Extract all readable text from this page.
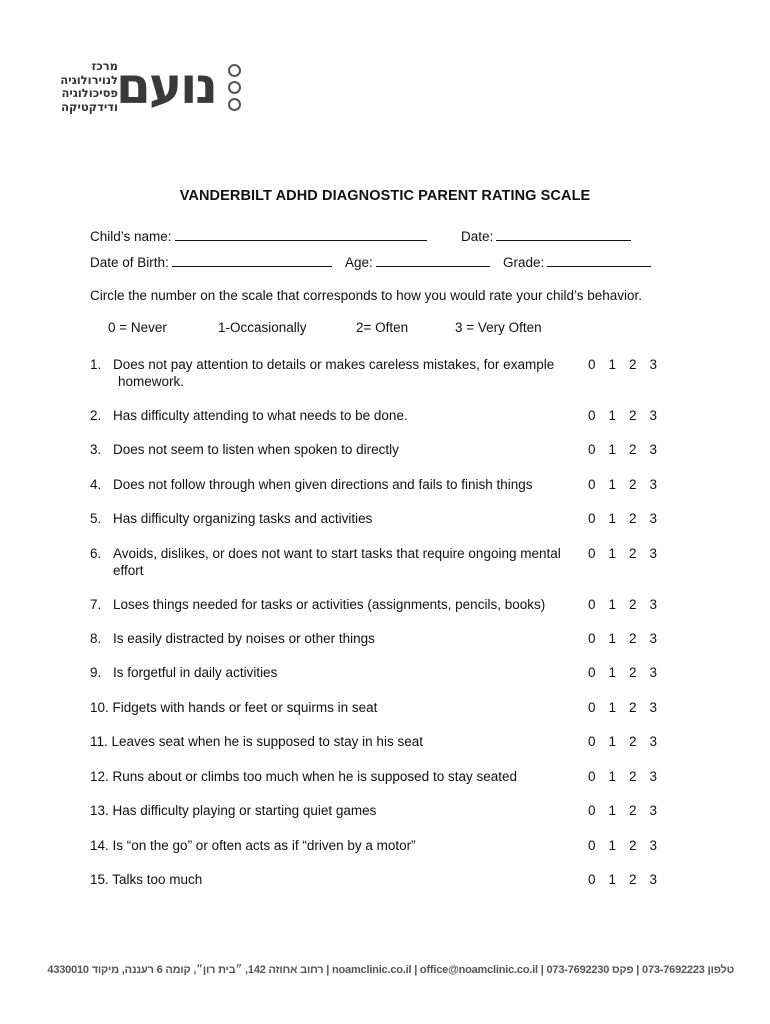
מרכז
לנוירולוגיה
פסיכולוגיה
ודידקטיקה
נועם
VANDERBILT ADHD DIAGNOSTIC PARENT RATING SCALE
Child’s name:	Date:
Date of Birth:	Age:	Grade:
Circle the number on the scale that corresponds to how you would rate your child’s behavior.
0 = Never	1-Occasionally	2= Often	3 = Very Often
1. Does not pay attention to details or makes careless mistakes, for example	0 1 2 3
homework.
2. Has difficulty attending to what needs to be done.	0 1 2 3
3. Does not seem to listen when spoken to directly	0 1 2 3
4. Does not follow through when given directions and fails to finish things	0 1 2 3
5. Has difficulty organizing tasks and activities	0 1 2 3
6. Avoids, dislikes, or does not want to start tasks that require ongoing mental	0 1 2 3
effort
7. Loses things needed for tasks or activities (assignments, pencils, books)	0 1 2 3
8. Is easily distracted by noises or other things	0 1 2 3
9. Is forgetful in daily activities	0 1 2 3
10. Fidgets with hands or feet or squirms in seat	0 1 2 3
11. Leaves seat when he is supposed to stay in his seat	0 1 2 3
12. Runs about or climbs too much when he is supposed to stay seated	0 1 2 3
13. Has difficulty playing or starting quiet games	0 1 2 3
14. Is “on the go” or often acts as if “driven by a motor”	0 1 2 3
15. Talks too much	0 1 2 3
טלפון 073-7692223 | פקס 073-7692230 | noamclinic.co.il | office@noamclinic.co.il | רחוב אחוזה 142, ״בית רון״, קומה 6 רעננה, מיקוד 4330010
